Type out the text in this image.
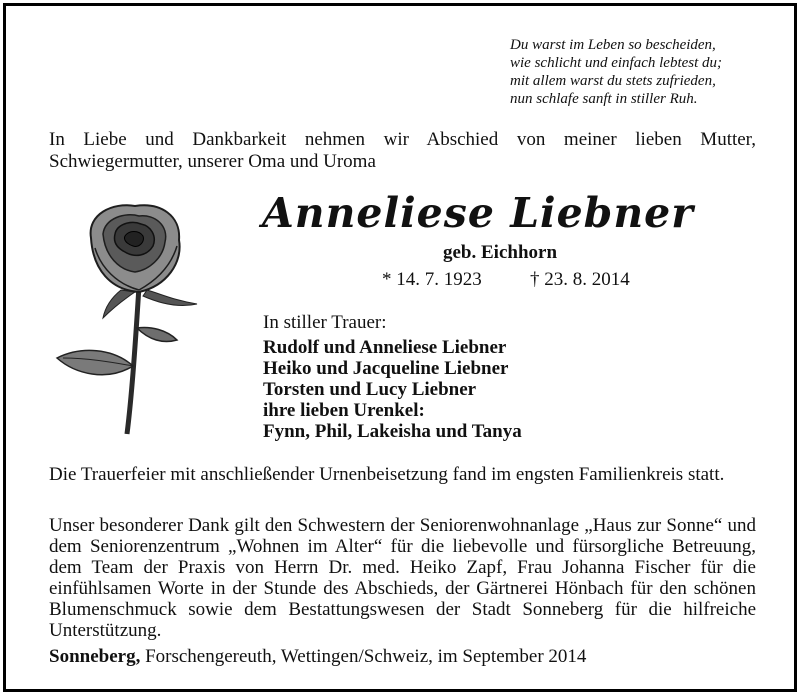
Du warst im Leben so bescheiden,
wie schlicht und einfach lebtest du;
mit allem warst du stets zufrieden,
nun schlafe sanft in stiller Ruh.
In Liebe und Dankbarkeit nehmen wir Abschied von meiner lieben Mutter, Schwiegermutter, unserer Oma und Uroma
Anneliese Liebner
geb. Eichhorn
* 14. 7. 1923	† 23. 8. 2014
In stiller Trauer:
Rudolf und Anneliese Liebner
Heiko und Jacqueline Liebner
Torsten und Lucy Liebner
ihre lieben Urenkel:
Fynn, Phil, Lakeisha und Tanya
Die Trauerfeier mit anschließender Urnenbeisetzung fand im engsten Familienkreis statt.
Unser besonderer Dank gilt den Schwestern der Seniorenwohnanlage „Haus zur Sonne“ und dem Seniorenzentrum „Wohnen im Alter“ für die liebevolle und fürsorgliche Betreuung, dem Team der Praxis von Herrn Dr. med. Heiko Zapf, Frau Johanna Fischer für die einfühlsamen Worte in der Stunde des Abschieds, der Gärtnerei Hönbach für den schönen Blumenschmuck sowie dem Bestattungswesen der Stadt Sonneberg für die hilfreiche Unterstützung.
Sonneberg, Forschengereuth, Wettingen/Schweiz, im September 2014
